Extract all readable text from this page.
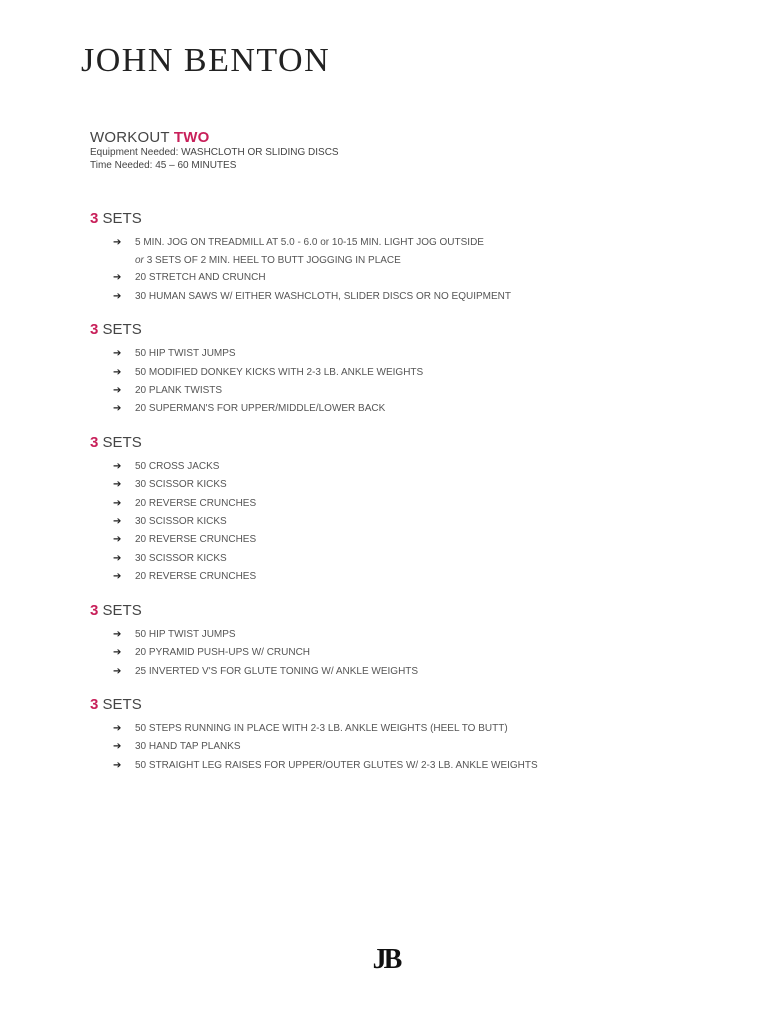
JOHN BENTON
WORKOUT TWO
Equipment Needed: WASHCLOTH OR SLIDING DISCS
Time Needed: 45 – 60 MINUTES
3 SETS
➔ 5 MIN. JOG ON TREADMILL AT 5.0 - 6.0 or 10-15 MIN. LIGHT JOG OUTSIDE
or 3 SETS OF 2 MIN. HEEL TO BUTT JOGGING IN PLACE
➔ 20 STRETCH AND CRUNCH
➔ 30 HUMAN SAWS W/ EITHER WASHCLOTH, SLIDER DISCS OR NO EQUIPMENT
3 SETS
➔ 50 HIP TWIST JUMPS
➔ 50 MODIFIED DONKEY KICKS WITH 2-3 LB. ANKLE WEIGHTS
➔ 20 PLANK TWISTS
➔ 20 SUPERMAN'S FOR UPPER/MIDDLE/LOWER BACK
3 SETS
➔ 50 CROSS JACKS
➔ 30 SCISSOR KICKS
➔ 20 REVERSE CRUNCHES
➔ 30 SCISSOR KICKS
➔ 20 REVERSE CRUNCHES
➔ 30 SCISSOR KICKS
➔ 20 REVERSE CRUNCHES
3 SETS
➔ 50 HIP TWIST JUMPS
➔ 20 PYRAMID PUSH-UPS W/ CRUNCH
➔ 25 INVERTED V'S FOR GLUTE TONING W/ ANKLE WEIGHTS
3 SETS
➔ 50 STEPS RUNNING IN PLACE WITH 2-3 LB. ANKLE WEIGHTS (HEEL TO BUTT)
➔ 30 HAND TAP PLANKS
➔ 50 STRAIGHT LEG RAISES FOR UPPER/OUTER GLUTES W/ 2-3 LB. ANKLE WEIGHTS
JB
